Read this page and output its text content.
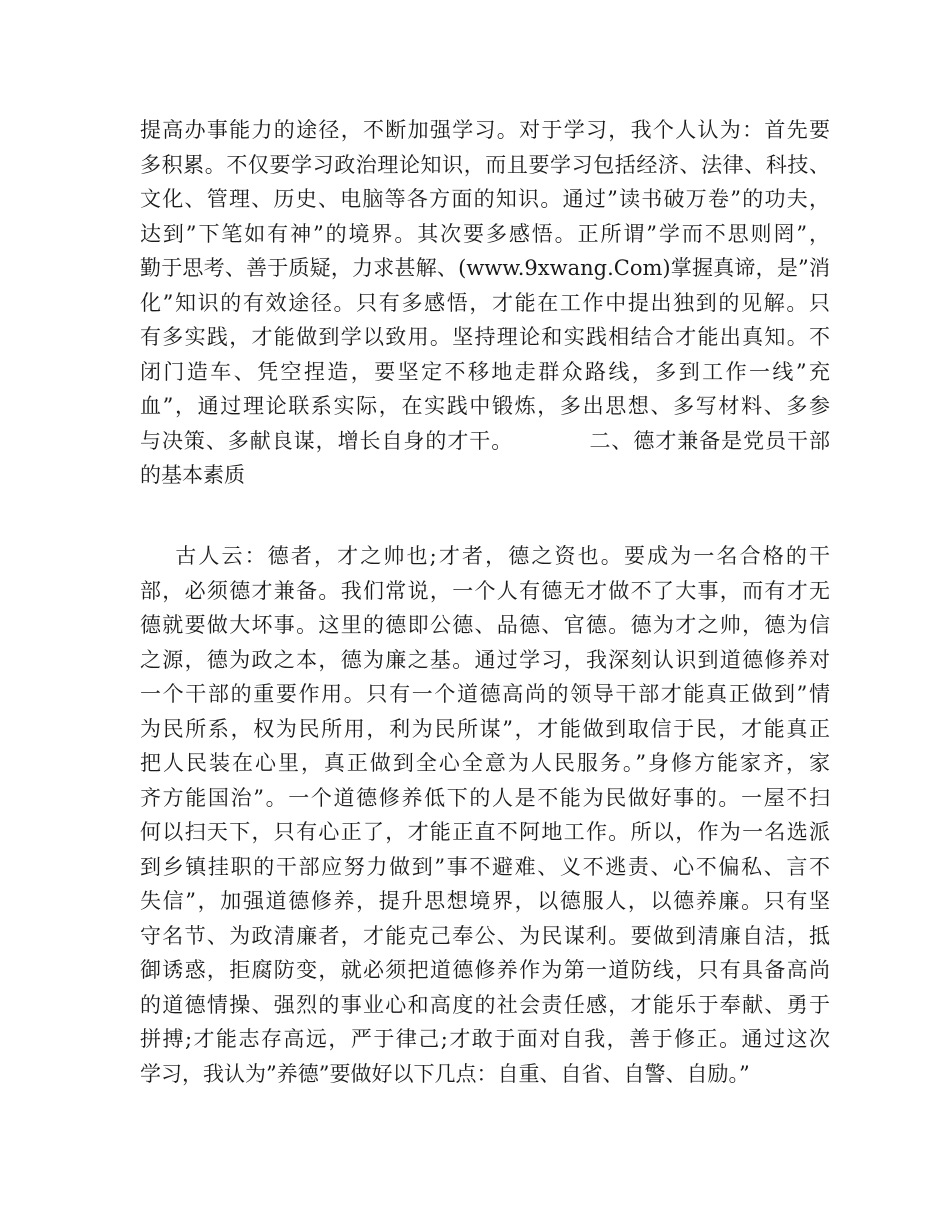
提高办事能力的途径，不断加强学习。对于学习，我个人认为：首先要
多积累。不仅要学习政治理论知识，而且要学习包括经济、法律、科技、
文化、管理、历史、电脑等各方面的知识。通过”读书破万卷”的功夫，
达到”下笔如有神”的境界。其次要多感悟。正所谓”学而不思则罔”，
勤于思考、善于质疑，力求甚解、(www.9xwang.Com)掌握真谛，是”消
化”知识的有效途径。只有多感悟，才能在工作中提出独到的见解。只
有多实践，才能做到学以致用。坚持理论和实践相结合才能出真知。不
闭门造车、凭空捏造，要坚定不移地走群众路线，多到工作一线”充
血”，通过理论联系实际，在实践中锻炼，多出思想、多写材料、多参
与决策、多献良谋，增长自身的才干。          二、德才兼备是党员干部
的基本素质
古人云：德者，才之帅也;才者，德之资也。要成为一名合格的干
部，必须德才兼备。我们常说，一个人有德无才做不了大事，而有才无
德就要做大坏事。这里的德即公德、品德、官德。德为才之帅，德为信
之源，德为政之本，德为廉之基。通过学习，我深刻认识到道德修养对
一个干部的重要作用。只有一个道德高尚的领导干部才能真正做到”情
为民所系，权为民所用，利为民所谋”，才能做到取信于民，才能真正
把人民装在心里，真正做到全心全意为人民服务。”身修方能家齐，家
齐方能国治”。一个道德修养低下的人是不能为民做好事的。一屋不扫
何以扫天下，只有心正了，才能正直不阿地工作。所以，作为一名选派
到乡镇挂职的干部应努力做到”事不避难、义不逃责、心不偏私、言不
失信”，加强道德修养，提升思想境界，以德服人，以德养廉。只有坚
守名节、为政清廉者，才能克己奉公、为民谋利。要做到清廉自洁，抵
御诱惑，拒腐防变，就必须把道德修养作为第一道防线，只有具备高尚
的道德情操、强烈的事业心和高度的社会责任感，才能乐于奉献、勇于
拼搏;才能志存高远，严于律己;才敢于面对自我，善于修正。通过这次
学习，我认为”养德”要做好以下几点：自重、自省、自警、自励。”
